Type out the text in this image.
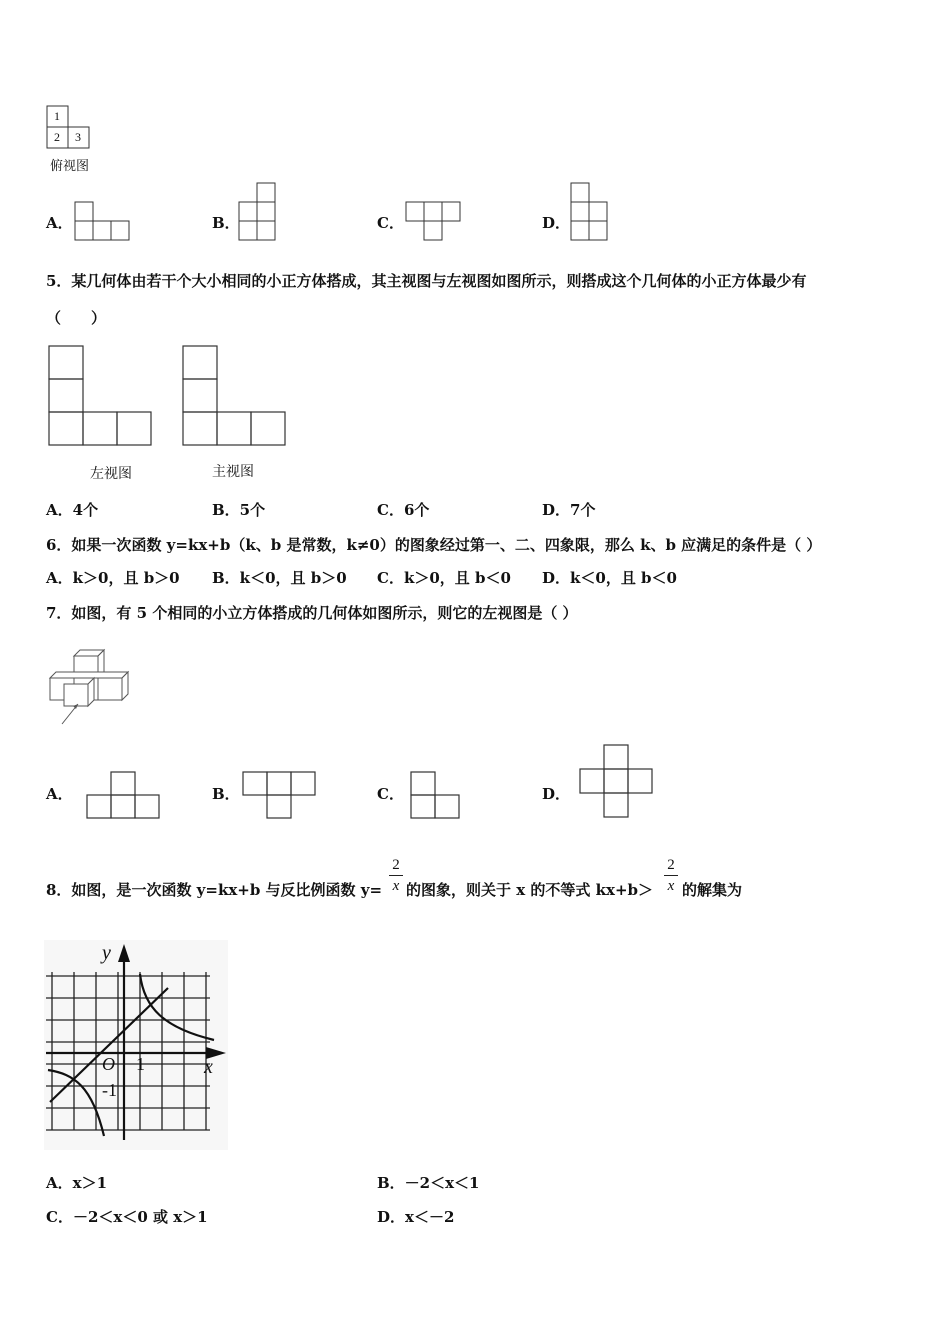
1
2 3
俯视图
A．	B．	C．	D．
5．某几何体由若干个大小相同的小正方体搭成，其主视图与左视图如图所示，则搭成这个几何体的小正方体最少有
（　　）
左视图	主视图
A．4个	B．5个	C．6个	D．7个
6．如果一次函数 y=kx+b（k、b 是常数，k≠0）的图象经过第一、二、四象限，那么 k、b 应满足的条件是（ ）
A．k＞0，且 b＞0 B．k＜0，且 b＞0 C．k＞0，且 b＜0 D．k＜0，且 b＜0
7．如图，有 5 个相同的小立方体搭成的几何体如图所示，则它的左视图是（ ）
A．	B．	C．	D．
8．如图，是一次函数 y=kx+b 与反比例函数 y=
2
x 的图象，则关于 x 的不等式 kx+b＞
2
x 的解集为
y
x
O 1
-1
A．x＞1	B．－2＜x＜1
C．－2＜x＜0 或 x＞1	D．x＜－2
